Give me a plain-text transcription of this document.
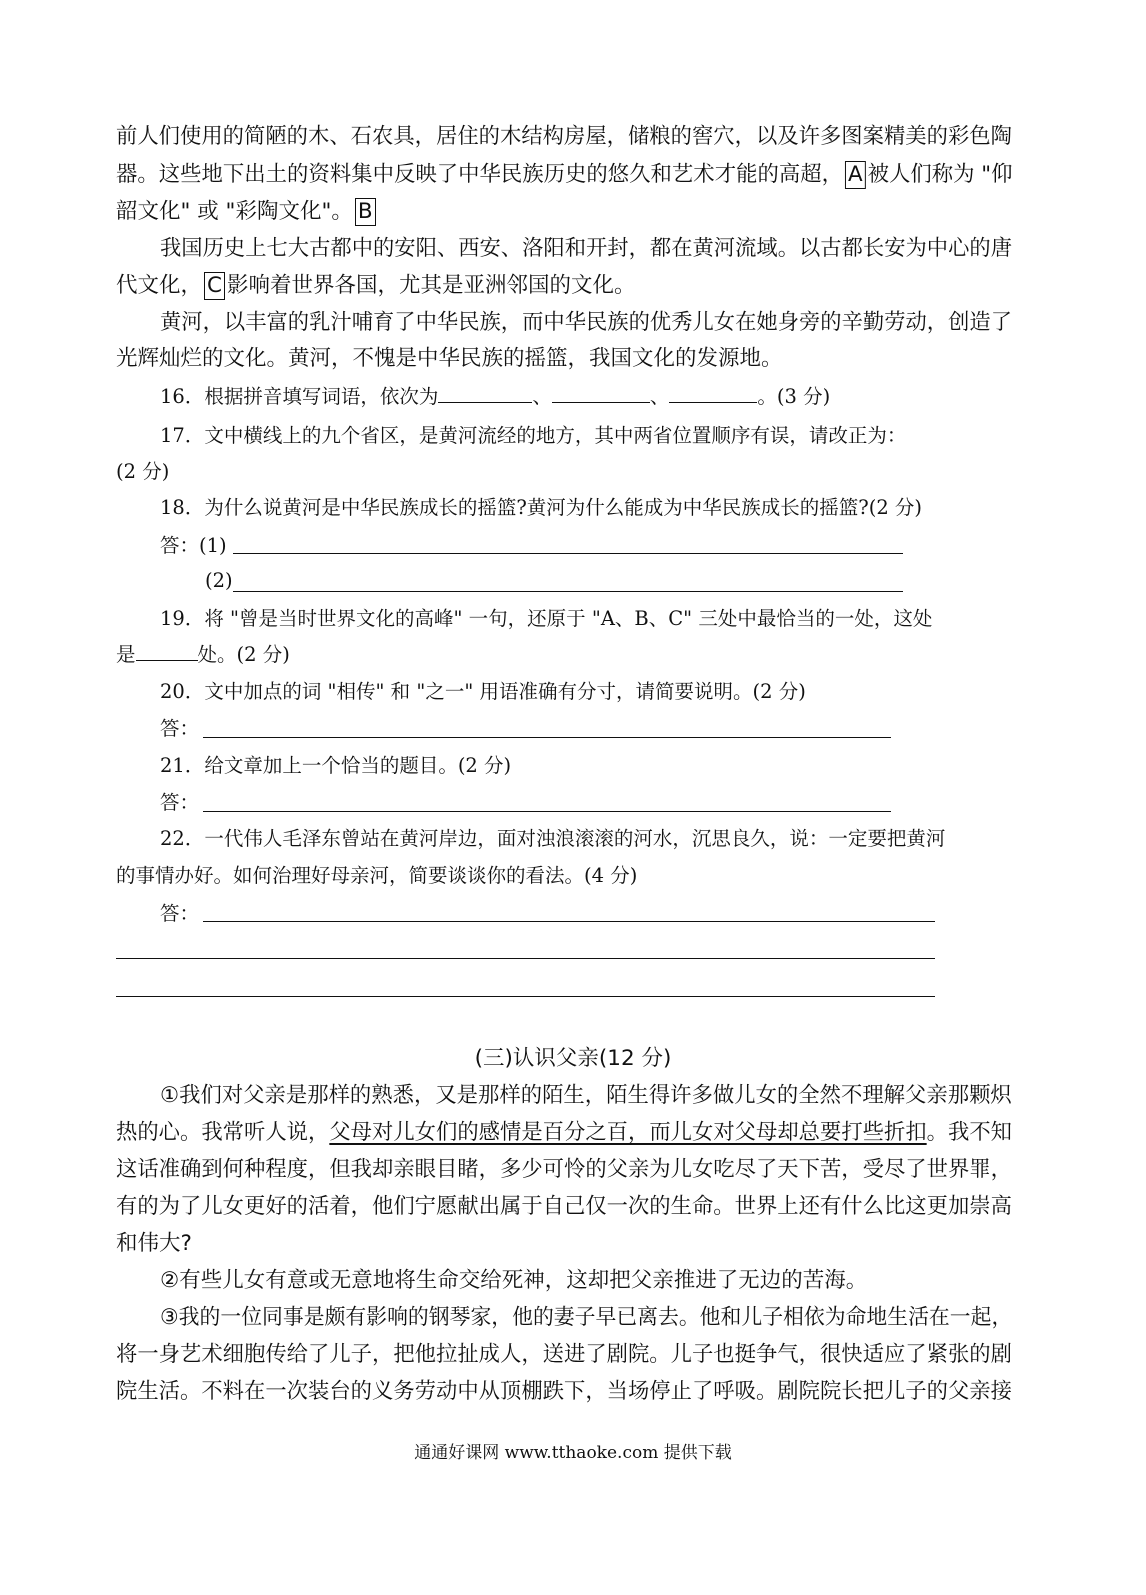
前人们使用的简陋的木、石农具，居住的木结构房屋，储粮的窖穴，以及许多图案精美的彩色陶
器。这些地下出土的资料集中反映了中华民族历史的悠久和艺术才能的高超， A 被人们称为 "仰
韶文化" 或 "彩陶文化"。 B
我国历史上七大古都中的安阳、西安、洛阳和开封，都在黄河流域。以古都长安为中心的唐
代文化， C 影响着世界各国，尤其是亚洲邻国的文化。
黄河，以丰富的乳汁哺育了中华民族，而中华民族的优秀儿女在她身旁的辛勤劳动，创造了
光辉灿烂的文化。黄河，不愧是中华民族的摇篮，我国文化的发源地。
16．根据拼音填写词语，依次为	、	、	。(3 分)
17．文中横线上的九个省区，是黄河流经的地方，其中两省位置顺序有误，请改正为：
(2 分)
18．为什么说黄河是中华民族成长的摇篮?黄河为什么能成为中华民族成长的摇篮?(2 分)
答：(1)
(2)
19．将 "曾是当时世界文化的高峰" 一句，还原于 "A、B、C" 三处中最恰当的一处，这处
是	处。(2 分)
20．文中加点的词 "相传" 和 "之一" 用语准确有分寸，请简要说明。(2 分)
答：
21．给文章加上一个恰当的题目。(2 分)
答：
22．一代伟人毛泽东曾站在黄河岸边，面对浊浪滚滚的河水，沉思良久，说：一定要把黄河
的事情办好。如何治理好母亲河，简要谈谈你的看法。(4 分)
答：
(三)认识父亲(12 分)
①我们对父亲是那样的熟悉，又是那样的陌生，陌生得许多做儿女的全然不理解父亲那颗炽
热的心。我常听人说，父母对儿女们的感情是百分之百，而儿女对父母却总要打些折扣。我不知
这话准确到何种程度，但我却亲眼目睹，多少可怜的父亲为儿女吃尽了天下苦，受尽了世界罪，
有的为了儿女更好的活着，他们宁愿献出属于自己仅一次的生命。世界上还有什么比这更加崇高
和伟大?
②有些儿女有意或无意地将生命交给死神，这却把父亲推进了无边的苦海。
③我的一位同事是颇有影响的钢琴家，他的妻子早已离去。他和儿子相依为命地生活在一起，
将一身艺术细胞传给了儿子，把他拉扯成人，送进了剧院。儿子也挺争气，很快适应了紧张的剧
院生活。不料在一次装台的义务劳动中从顶棚跌下，当场停止了呼吸。剧院院长把儿子的父亲接
通通好课网 www.tthaoke.com 提供下载
